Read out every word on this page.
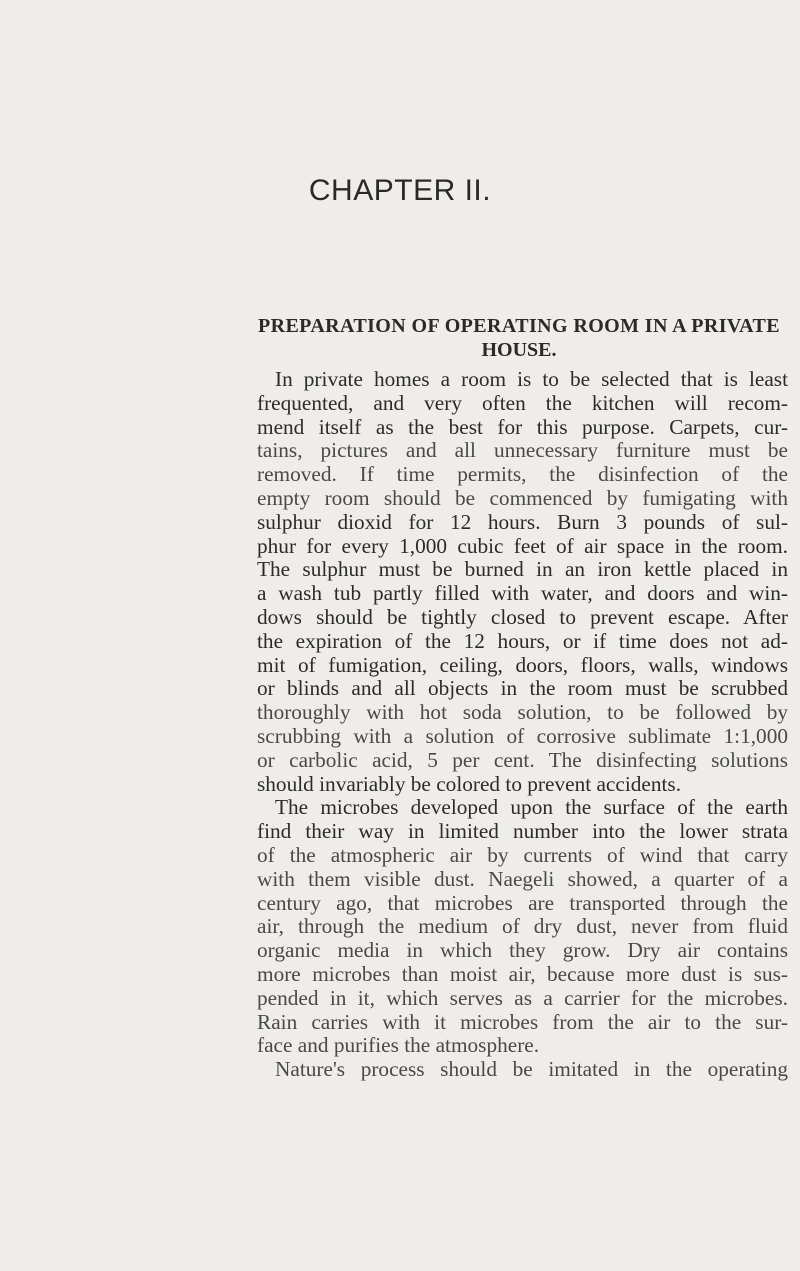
CHAPTER II.
PREPARATION OF OPERATING ROOM IN A PRIVATE
HOUSE.
In private homes a room is to be selected that is least
frequented, and very often the kitchen will recom-
mend itself as the best for this purpose. Carpets, cur-
tains, pictures and all unnecessary furniture must be
removed. If time permits, the disinfection of the
empty room should be commenced by fumigating with
sulphur dioxid for 12 hours. Burn 3 pounds of sul-
phur for every 1,000 cubic feet of air space in the room.
The sulphur must be burned in an iron kettle placed in
a wash tub partly filled with water, and doors and win-
dows should be tightly closed to prevent escape. After
the expiration of the 12 hours, or if time does not ad-
mit of fumigation, ceiling, doors, floors, walls, windows
or blinds and all objects in the room must be scrubbed
thoroughly with hot soda solution, to be followed by
scrubbing with a solution of corrosive sublimate 1:1,000
or carbolic acid, 5 per cent. The disinfecting solutions
should invariably be colored to prevent accidents.
The microbes developed upon the surface of the earth
find their way in limited number into the lower strata
of the atmospheric air by currents of wind that carry
with them visible dust. Naegeli showed, a quarter of a
century ago, that microbes are transported through the
air, through the medium of dry dust, never from fluid
organic media in which they grow. Dry air contains
more microbes than moist air, because more dust is sus-
pended in it, which serves as a carrier for the microbes.
Rain carries with it microbes from the air to the sur-
face and purifies the atmosphere.
Nature's process should be imitated in the operating
